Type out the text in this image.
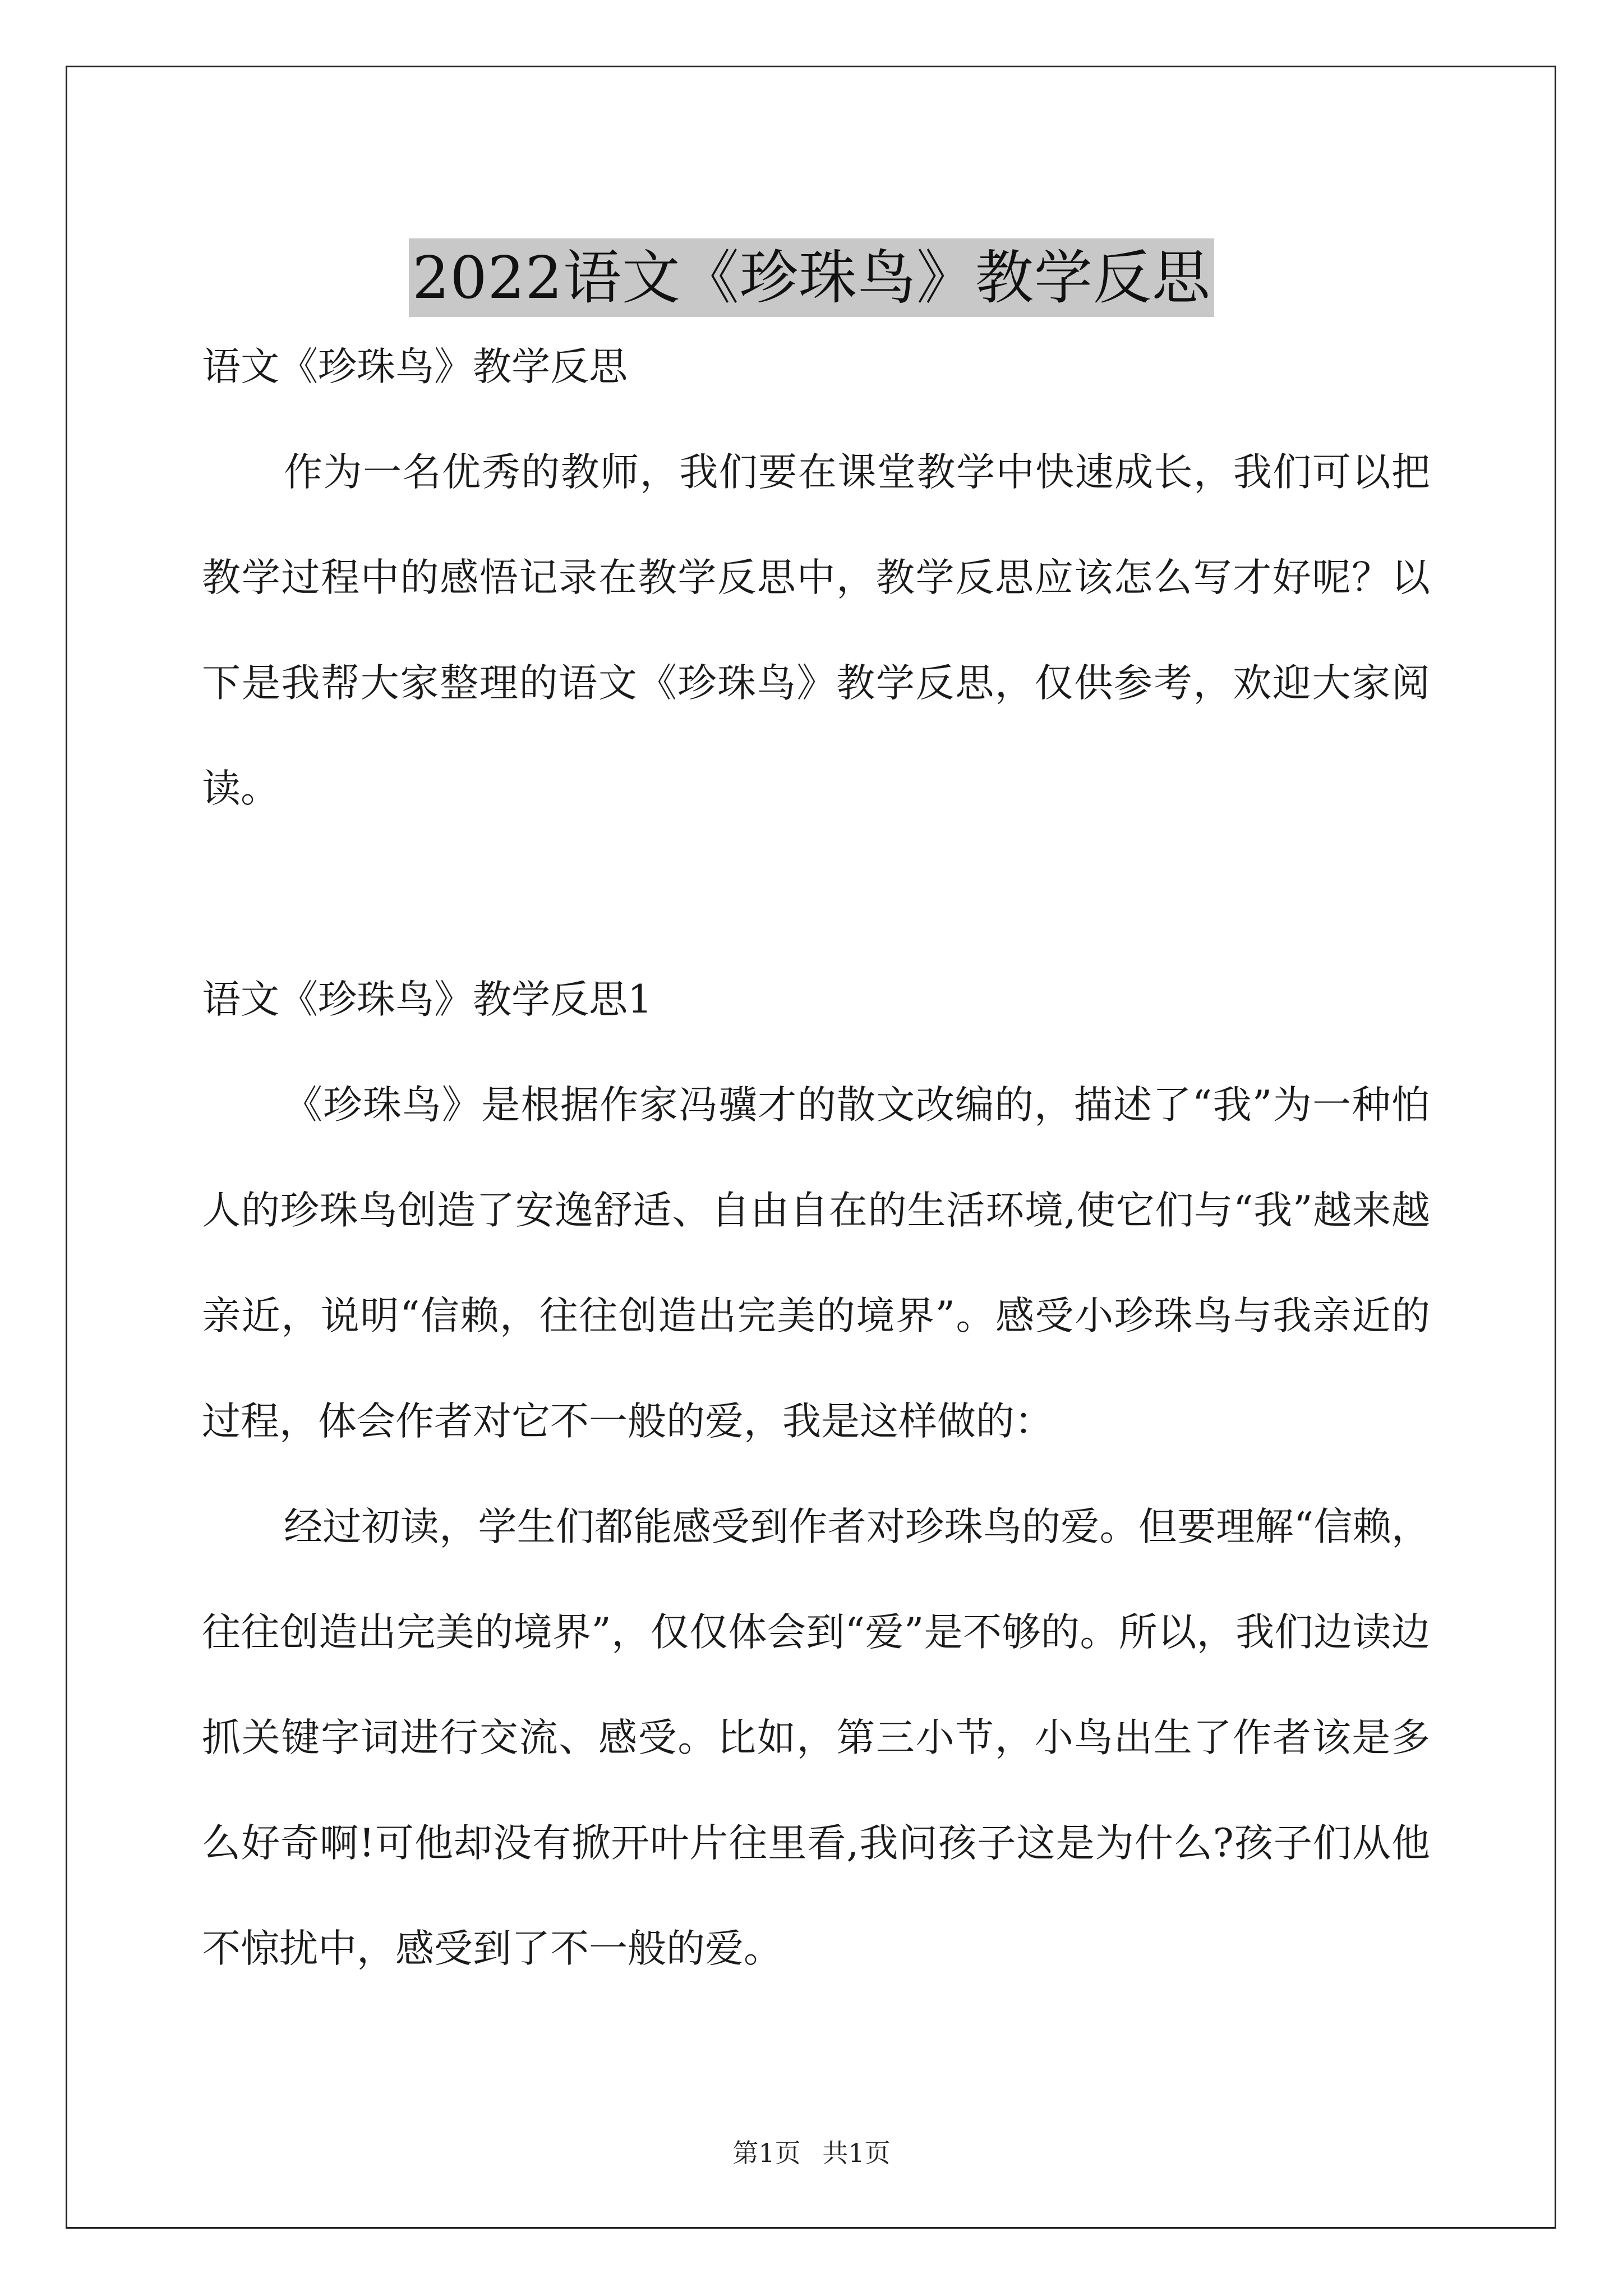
2022语文《珍珠鸟》教学反思

语文《珍珠鸟》教学反思

作为一名优秀的教师，我们要在课堂教学中快速成长，我们可以把教学过程中的感悟记录在教学反思中，教学反思应该怎么写才好呢？以下是我帮大家整理的语文《珍珠鸟》教学反思，仅供参考，欢迎大家阅读。

语文《珍珠鸟》教学反思1

《珍珠鸟》是根据作家冯骥才的散文改编的，描述了“我”为一种怕人的珍珠鸟创造了安逸舒适、自由自在的生活环境,使它们与“我”越来越亲近，说明“信赖，往往创造出完美的境界”。感受小珍珠鸟与我亲近的过程，体会作者对它不一般的爱，我是这样做的：

经过初读，学生们都能感受到作者对珍珠鸟的爱。但要理解“信赖，往往创造出完美的境界”，仅仅体会到“爱”是不够的。所以，我们边读边抓关键字词进行交流、感受。比如，第三小节，小鸟出生了作者该是多么好奇啊!可他却没有掀开叶片往里看,我问孩子这是为什么?孩子们从他不惊扰中，感受到了不一般的爱。

第1页 共1页
